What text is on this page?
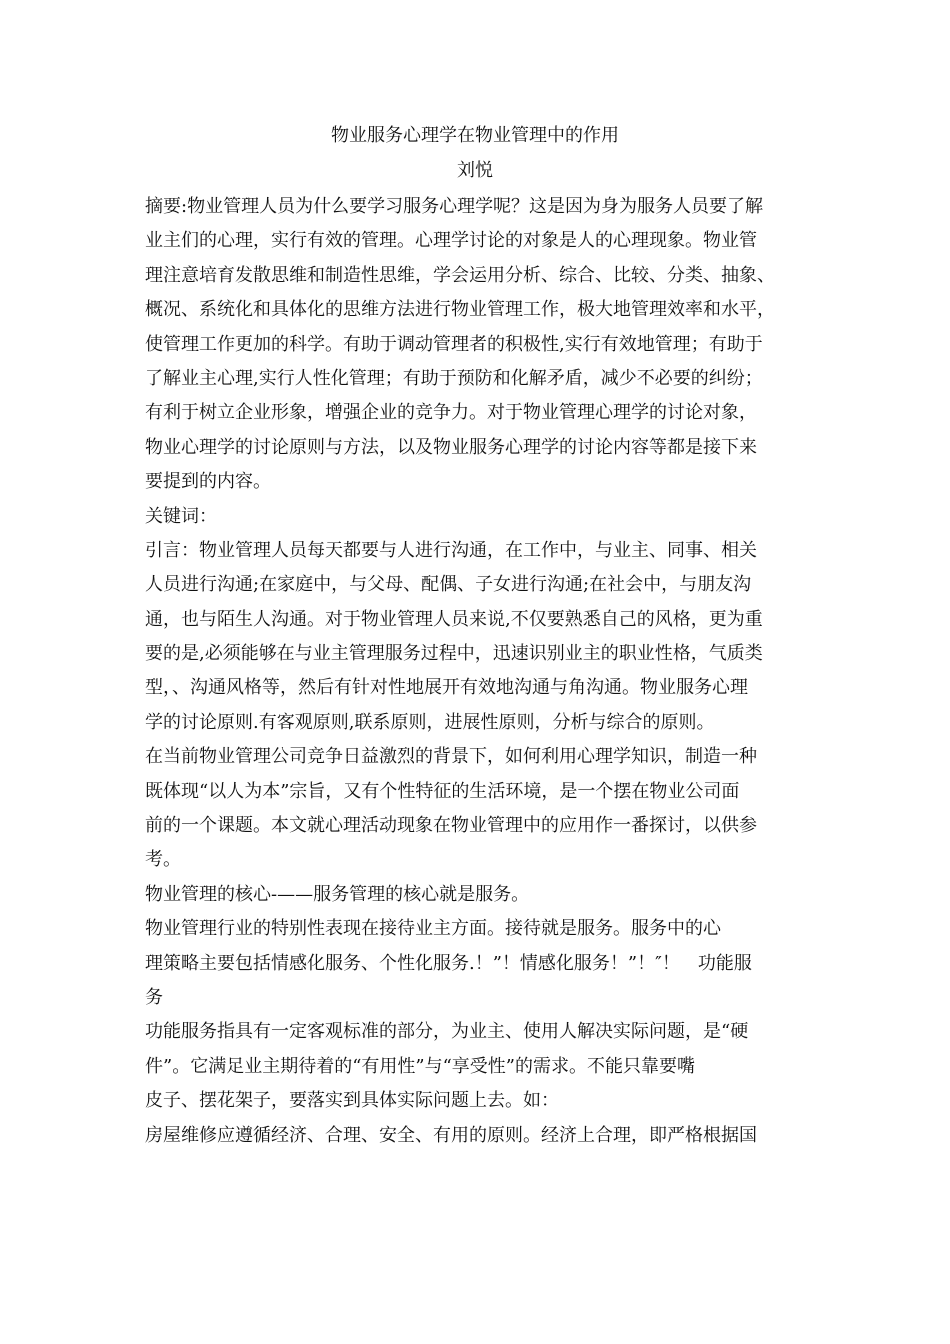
物业服务心理学在物业管理中的作用
刘悦
摘要:物业管理人员为什么要学习服务心理学呢？这是因为身为服务人员要了解
业主们的心理，实行有效的管理。心理学讨论的对象是人的心理现象。物业管
理注意培育发散思维和制造性思维，学会运用分析、综合、比较、分类、抽象、
概况、系统化和具体化的思维方法进行物业管理工作，极大地管理效率和水平，
使管理工作更加的科学。有助于调动管理者的积极性,实行有效地管理；有助于
了解业主心理,实行人性化管理；有助于预防和化解矛盾，减少不必要的纠纷；
有利于树立企业形象，增强企业的竞争力。对于物业管理心理学的讨论对象，
物业心理学的讨论原则与方法，以及物业服务心理学的讨论内容等都是接下来
要提到的内容。
关键词：
引言：物业管理人员每天都要与人进行沟通，在工作中，与业主、同事、相关
人员进行沟通;在家庭中，与父母、配偶、子女进行沟通;在社会中，与朋友沟
通，也与陌生人沟通。对于物业管理人员来说,不仅要熟悉自己的风格，更为重
要的是,必须能够在与业主管理服务过程中，迅速识别业主的职业性格，气质类
型，、沟通风格等，然后有针对性地展开有效地沟通与角沟通。物业服务心理
学的讨论原则.有客观原则,联系原则，进展性原则，分析与综合的原则。
在当前物业管理公司竞争日益激烈的背景下，如何利用心理学知识，制造一种
既体现“以人为本”宗旨，又有个性特征的生活环境，是一个摆在物业公司面
前的一个课题。本文就心理活动现象在物业管理中的应用作一番探讨，以供参
考。
物业管理的核心-——服务管理的核心就是服务。
物业管理行业的特别性表现在接待业主方面。接待就是服务。服务中的心
理策略主要包括情感化服务、个性化服务.！”！情感化服务！”！″！　功能服
务
功能服务指具有一定客观标准的部分，为业主、使用人解决实际问题，是“硬
件”。它满足业主期待着的“有用性”与“享受性”的需求。不能只靠要嘴
皮子、摆花架子，要落实到具体实际问题上去。如：
房屋维修应遵循经济、合理、安全、有用的原则。经济上合理，即严格根据国
